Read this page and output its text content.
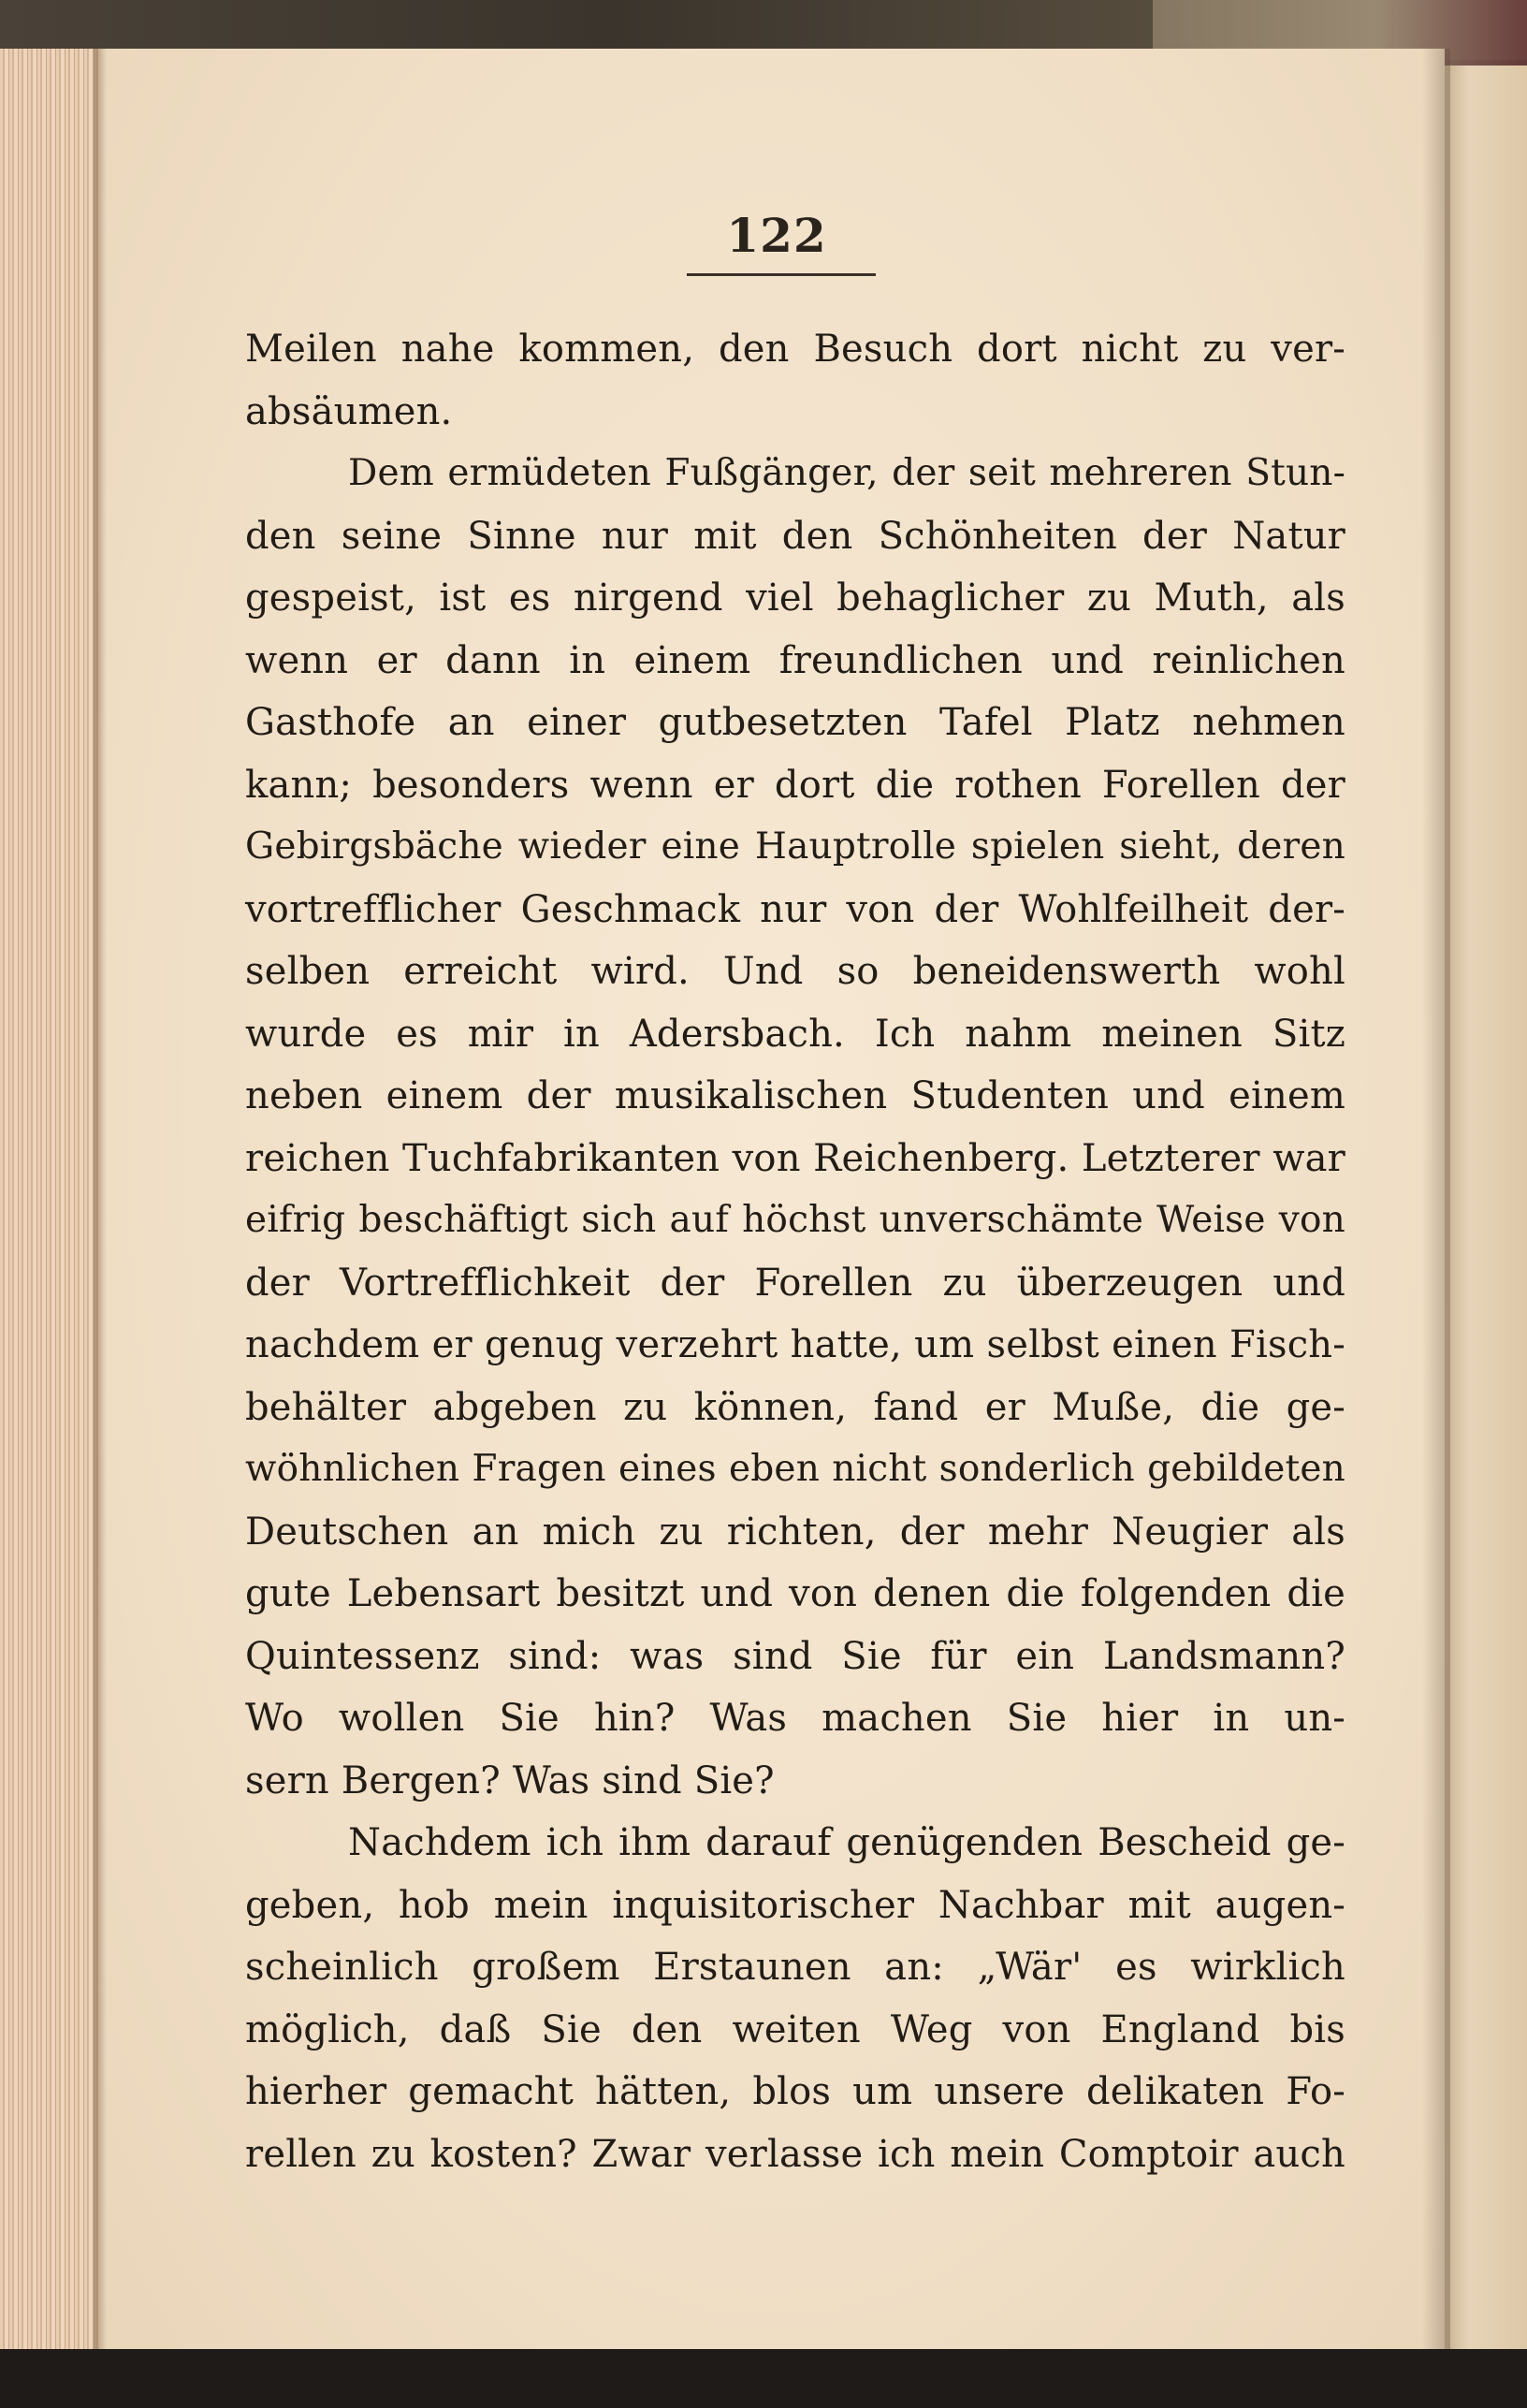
122
Meilen nahe kommen, den Besuch dort nicht zu ver-
absäumen.
Dem ermüdeten Fußgänger, der seit mehreren Stun-
den seine Sinne nur mit den Schönheiten der Natur
gespeist, ist es nirgend viel behaglicher zu Muth, als
wenn er dann in einem freundlichen und reinlichen
Gasthofe an einer gutbesetzten Tafel Platz nehmen
kann; besonders wenn er dort die rothen Forellen der
Gebirgsbäche wieder eine Hauptrolle spielen sieht, deren
vortrefflicher Geschmack nur von der Wohlfeilheit der-
selben erreicht wird. Und so beneidenswerth wohl
wurde es mir in Adersbach. Ich nahm meinen Sitz
neben einem der musikalischen Studenten und einem
reichen Tuchfabrikanten von Reichenberg. Letzterer war
eifrig beschäftigt sich auf höchst unverschämte Weise von
der Vortrefflichkeit der Forellen zu überzeugen und
nachdem er genug verzehrt hatte, um selbst einen Fisch-
behälter abgeben zu können, fand er Muße, die ge-
wöhnlichen Fragen eines eben nicht sonderlich gebildeten
Deutschen an mich zu richten, der mehr Neugier als
gute Lebensart besitzt und von denen die folgenden die
Quintessenz sind: was sind Sie für ein Landsmann?
Wo wollen Sie hin? Was machen Sie hier in un-
sern Bergen? Was sind Sie?
Nachdem ich ihm darauf genügenden Bescheid ge-
geben, hob mein inquisitorischer Nachbar mit augen-
scheinlich großem Erstaunen an: „Wär' es wirklich
möglich, daß Sie den weiten Weg von England bis
hierher gemacht hätten, blos um unsere delikaten Fo-
rellen zu kosten? Zwar verlasse ich mein Comptoir auch
